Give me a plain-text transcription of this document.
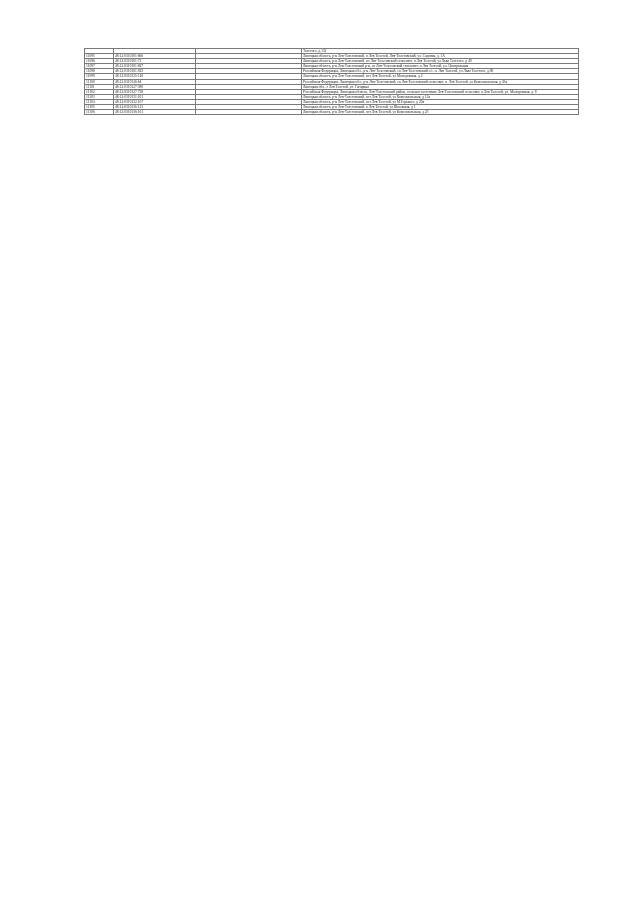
			Толстого, д.132
11095	48:12:0310101:666		Липецкая область, р-н Лев-Толстовский, п Лев Толстой, Лев-Толстовский, ул. Садовая, д. 1А
11096	48:12:0310101:72		Липецкая область, р-н Лев-Толстовский, сп Лев-Толстовский сельсовет, п Лев Толстой, ул Льва Толстого, д 49
11097	48:12:0310101:827		Липецкая область, р-н Лев-Толстовский р-н, сп Лев-Толстовский сельсовет, п Лев Толстой, ул. Центральная
11098	48:12:0310101:925		Российская Федерация, Липецкая обл., р-н Лев-Толстовский, сп Лев-Толстовский с/с, п. Лев Толстой, ул Льва Толстого, д.90
11099	48:12:0310125:126		Липецкая область, р-н Лев-Толстовский, пгт Лев Толстой, ул Молодежная, д 2
11100	48:12:0310126:64		Российская Федерация, Липецкая обл., р-н Лев-Толстовский, сп Лев-Толстовский сельсовет, п. Лев Толстой, ул Комсомольская, д 43а
11101	48:12:0310127:390		Липецкая обл., г Лев Толстой, ул. Гагарина
11102	48:12:0310127:738		Российская Федерация, Липецкая область, Лев-Толстовский район, сельское поселение Лев-Толстовский сельсовет, п Лев Толстой, ул. Молодежная, д. 8
11103	48:12:0310131:101		Липецкая область, р-н Лев-Толстовский, пгт Лев Толстой, ул Комсомольская, д.12а
11104	48:12:0310132:107		Липецкая область, р-н Лев-Толстовский, пгт Лев Толстой, ул М.Горького, д 20а
11105	48:12:0310136:123		Липецкая область, р-н Лев-Толстовский, п Лев Толстой, ул Школьная, д 1
11106	48:12:0310136:161		Липецкая область, р-н Лев-Толстовский, пгт Лев Толстой, ул Комсомольская, д 25
